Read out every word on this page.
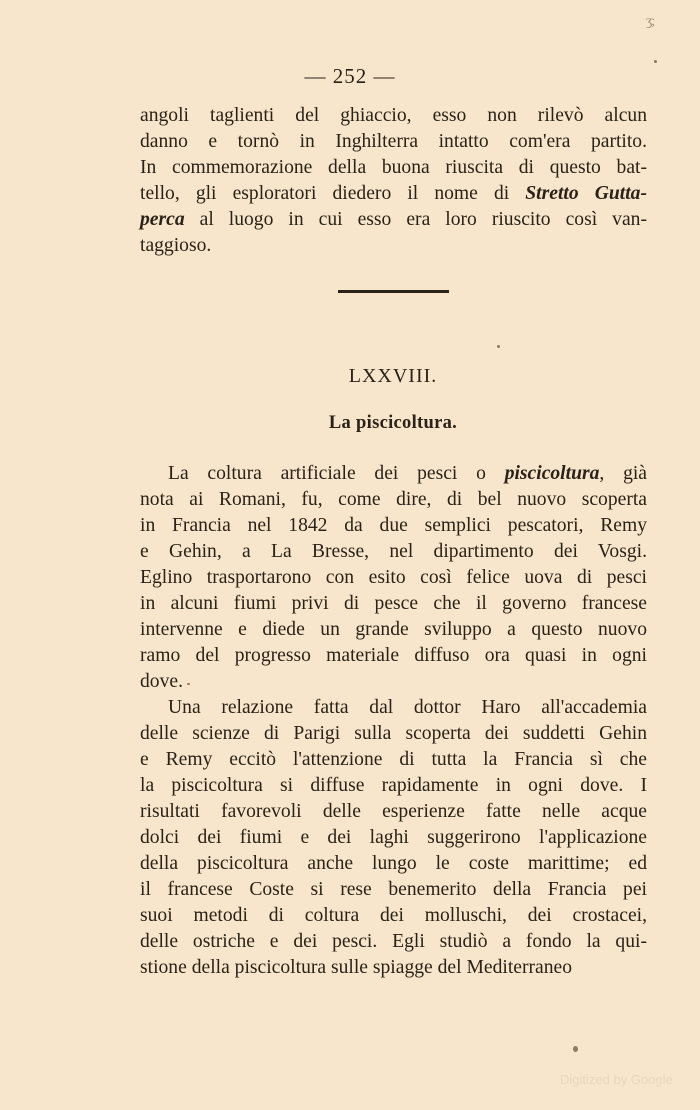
ʒ;
— 252 —
angoli taglienti del ghiaccio, esso non rilevò alcun
danno e tornò in Inghilterra intatto com'era partito.
In commemorazione della buona riuscita di questo bat-
tello, gli esploratori diedero il nome di Stretto Gutta-
perca al luogo in cui esso era loro riuscito così van-
taggioso.
LXXVIII.
La piscicoltura.
La coltura artificiale dei pesci o piscicoltura, già
nota ai Romani, fu, come dire, di bel nuovo scoperta
in Francia nel 1842 da due semplici pescatori, Remy
e Gehin, a La Bresse, nel dipartimento dei Vosgi.
Eglino trasportarono con esito così felice uova di pesci
in alcuni fiumi privi di pesce che il governo francese
intervenne e diede un grande sviluppo a questo nuovo
ramo del progresso materiale diffuso ora quasi in ogni
dove.
Una relazione fatta dal dottor Haro all'accademia
delle scienze di Parigi sulla scoperta dei suddetti Gehin
e Remy eccitò l'attenzione di tutta la Francia sì che
la piscicoltura si diffuse rapidamente in ogni dove. I
risultati favorevoli delle esperienze fatte nelle acque
dolci dei fiumi e dei laghi suggerirono l'applicazione
della piscicoltura anche lungo le coste marittime; ed
il francese Coste si rese benemerito della Francia pei
suoi metodi di coltura dei molluschi, dei crostacei,
delle ostriche e dei pesci. Egli studiò a fondo la qui-
stione della piscicoltura sulle spiagge del Mediterraneo
Digitized by Google
